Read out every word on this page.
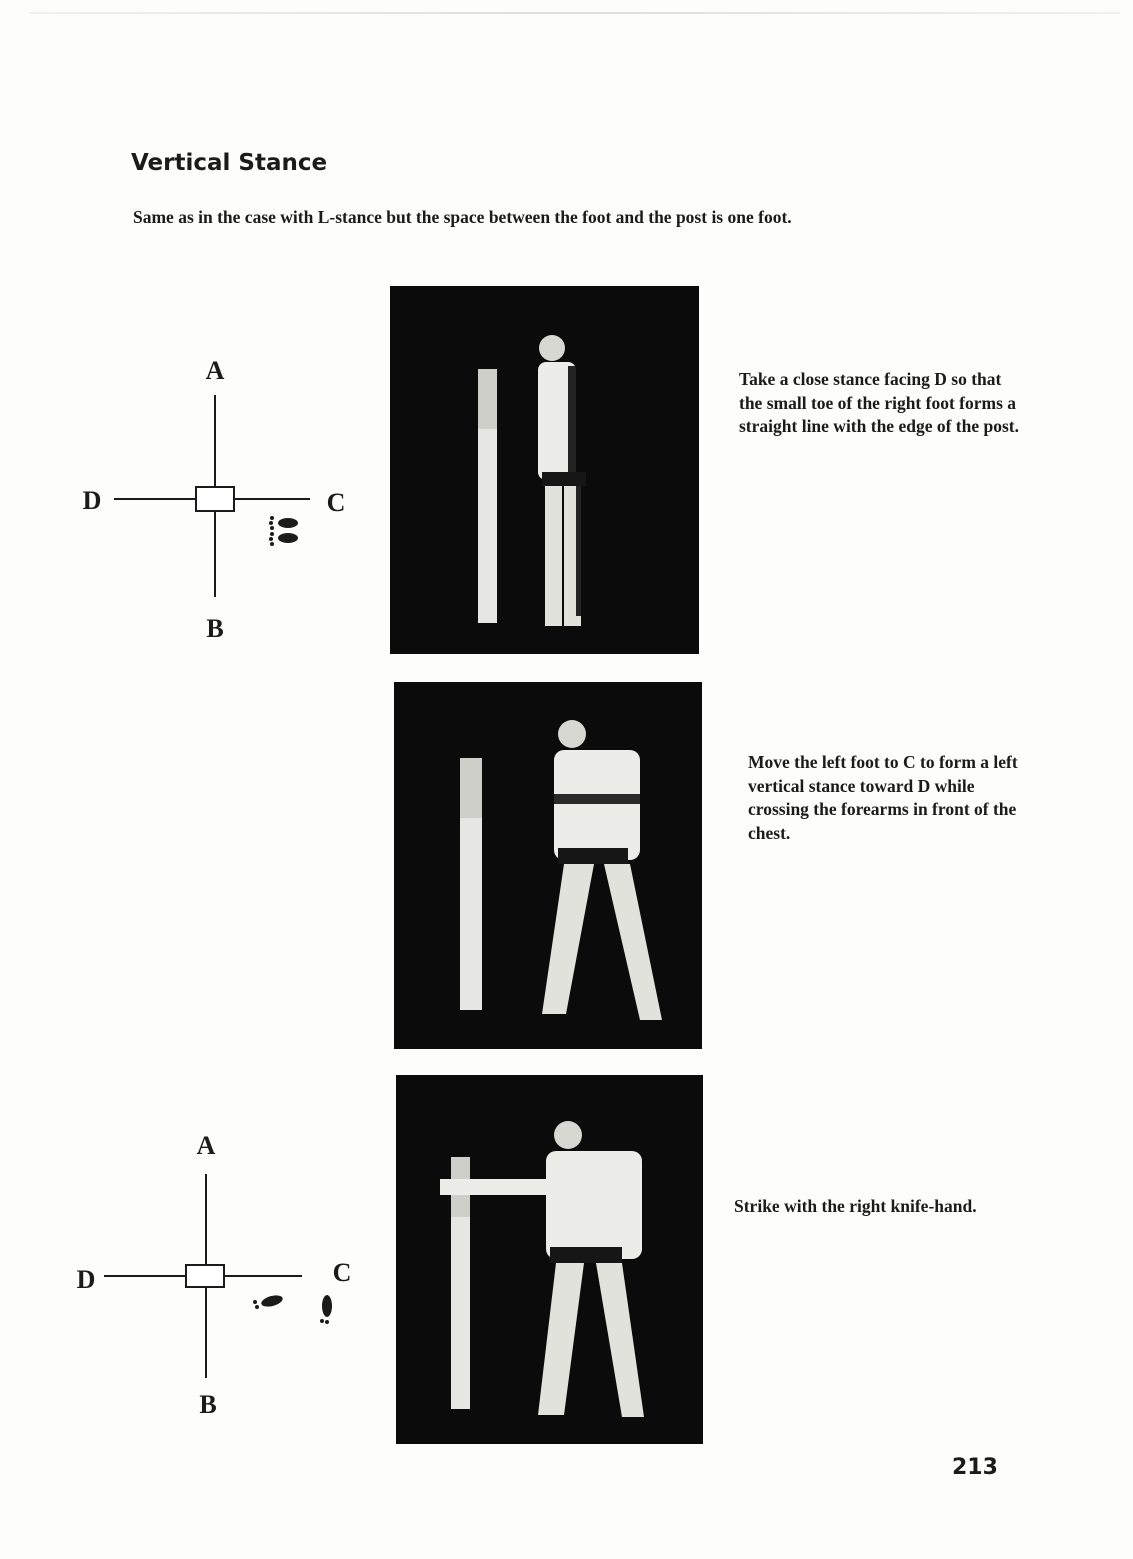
Vertical Stance

Same as in the case with L-stance but the space between the foot and the post is one foot.

A
D	C
B

Take a close stance facing D so that the small toe of the right foot forms a straight line with the edge of the post.

Move the left foot to C to form a left vertical stance toward D while crossing the forearms in front of the chest.

A
D	C
B

Strike with the right knife-hand.

213
